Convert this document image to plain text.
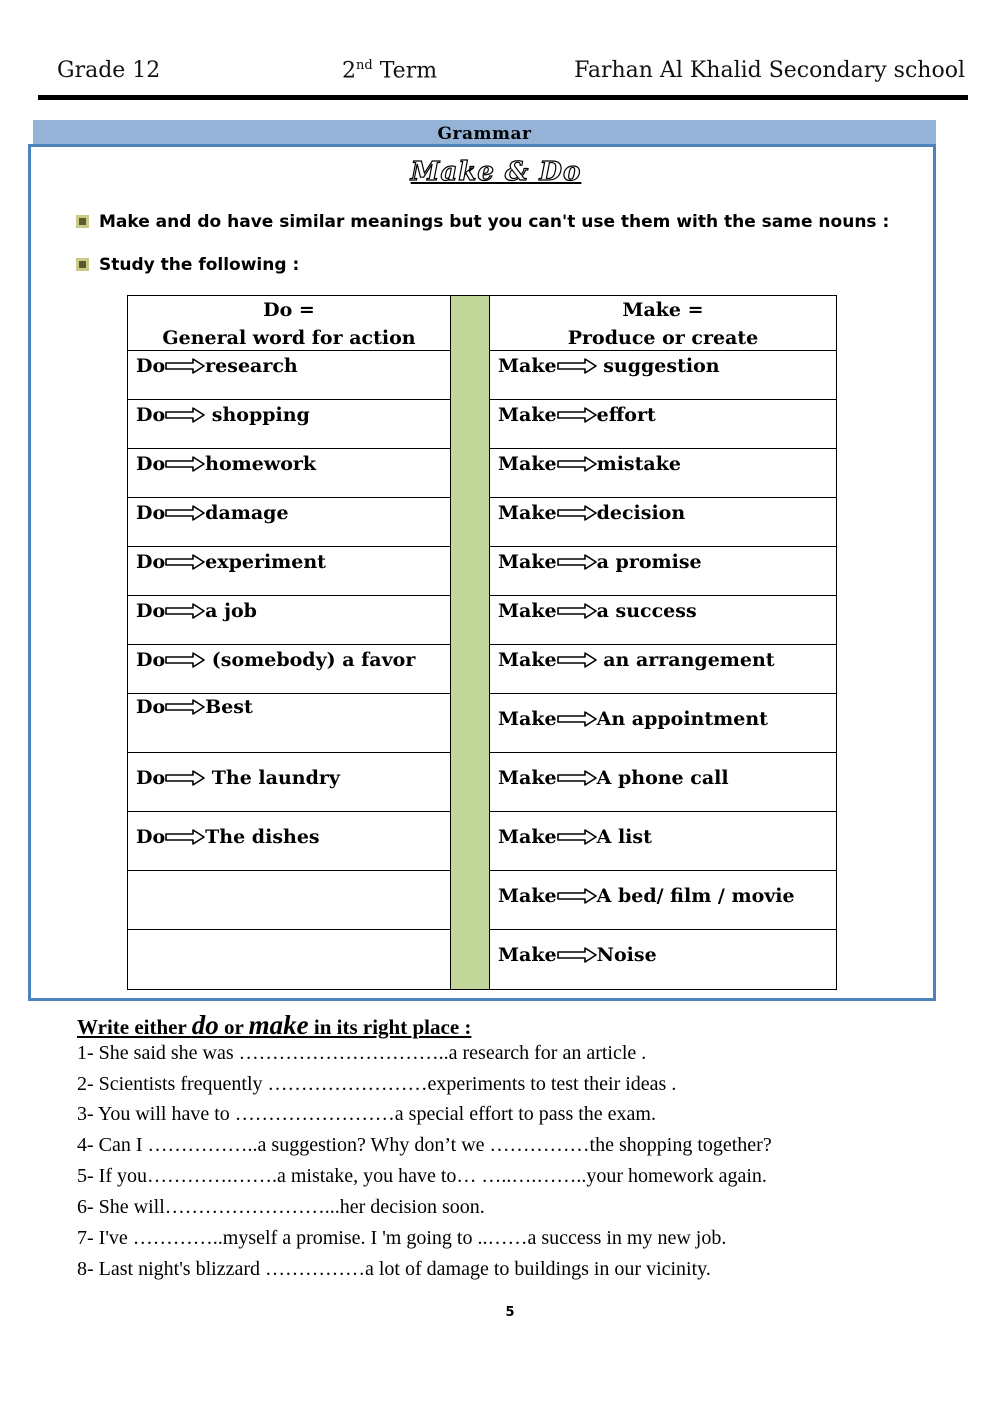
Grade 12	2nd Term	Farhan Al Khalid Secondary school
Grammar
Make & Do
Make and do have similar meanings but you can't use them with the same nouns :
Study the following :
Do =
General word for action
Do research
Do shopping
Do homework
Do damage
Do experiment
Do a job
Do (somebody) a favor
Do Best
Do The laundry
Do The dishes
Make =
Produce or create
Make suggestion
Make effort
Make mistake
Make decision
Make a promise
Make a success
Make an arrangement
Make An appointment
Make A phone call
Make A list
Make A bed/ film / movie
Make Noise
Write either do or make in its right place :
1- She said she was …………………………..a research for an article .
2- Scientists frequently ……………………experiments to test their ideas .
3- You will have to ……………………a special effort to pass the exam.
4- Can I ……………..a suggestion? Why don’t we ……………the shopping together?
5- If you………….…….a mistake, you have to… …..….……..your homework again.
6- She will……………………...her decision soon.
7- I've …………..myself a promise. I 'm going to ..……a success in my new job.
8- Last night's blizzard ……………a lot of damage to buildings in our vicinity.
5
